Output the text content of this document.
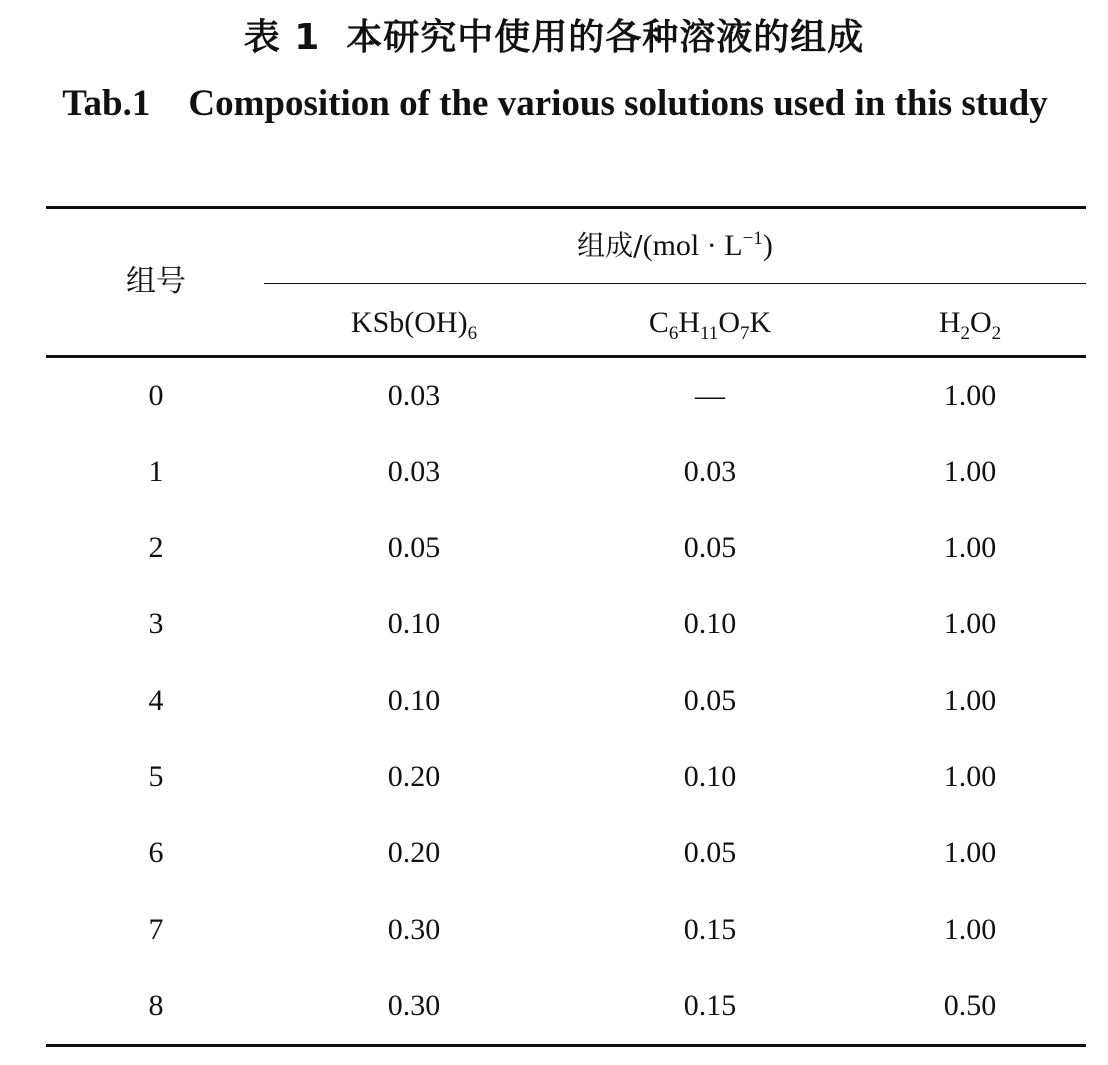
表 1 本研究中使用的各种溶液的组成
Tab.1 Composition of the various solutions used in this study
组号
组成$/(mol \cdot L^{-1})$
$KSb(OH)_6$	$C_6H_{11}O_7K$	$H_2O_2$
0	0.03	—	1.00
1	0.03	0.03	1.00
2	0.05	0.05	1.00
3	0.10	0.10	1.00
4	0.10	0.05	1.00
5	0.20	0.10	1.00
6	0.20	0.05	1.00
7	0.30	0.15	1.00
8	0.30	0.15	0.50
